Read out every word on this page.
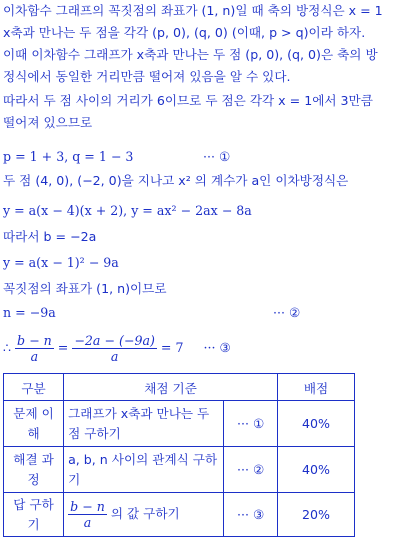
이차함수 그래프의 꼭짓점의 좌표가 (1, n)일 때 축의 방정식은 x = 1
x축과 만나는 두 점을 각각 (p, 0), (q, 0) (이때, p > q)이라 하자.
이때 이차함수 그래프가 x축과 만나는 두 점 (p, 0), (q, 0)은 축의 방
정식에서 동일한 거리만큼 떨어져 있음을 알 수 있다.
따라서 두 점 사이의 거리가 6이므로 두 점은 각각 x = 1에서 3만큼
떨어져 있으므로
p = 1 + 3, q = 1 − 3	··· ①
두 점 (4, 0), (−2, 0)을 지나고 x² 의 계수가 a인 이차방정식은
y = a(x − 4)(x + 2), y = ax² − 2ax − 8a
따라서 b = −2a
y = a(x − 1)² − 9a
꼭짓점의 좌표가 (1, n)이므로
n = −9a	··· ②
∴ $\frac{b - n}{a} = \frac{-2a - (-9a)}{a} = 7$ ··· ③
구분	채점 기준		배점
문제 이해	그래프가 x축과 만나는 두 점 구하기	··· ①	40%
해결 과정	a, b, n 사이의 관계식 구하기	··· ②	40%
답 구하기	$\frac{b - n}{a}$ 의 값 구하기	··· ③	20%
